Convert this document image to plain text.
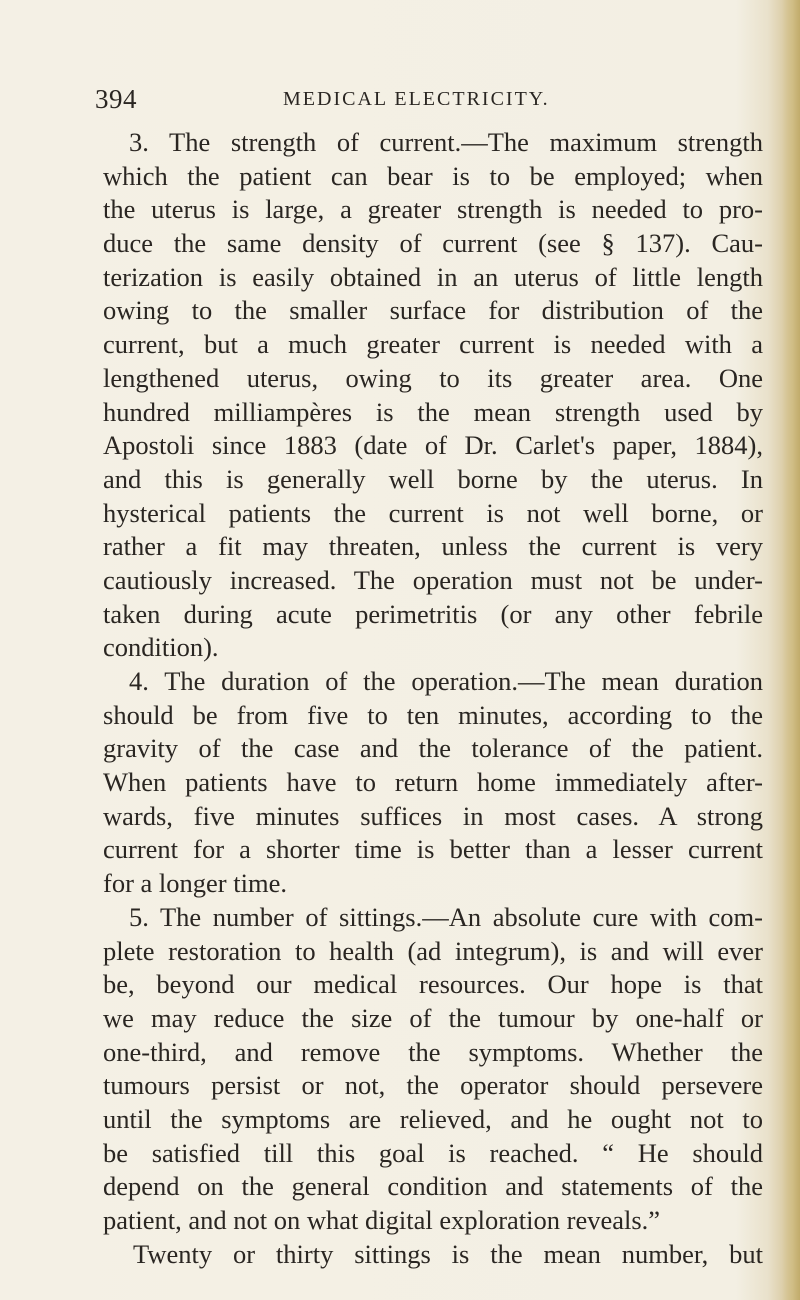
394	MEDICAL ELECTRICITY.
3. The strength of current.—The maximum strength
which the patient can bear is to be employed; when
the uterus is large, a greater strength is needed to pro-
duce the same density of current (see § 137). Cau-
terization is easily obtained in an uterus of little length
owing to the smaller surface for distribution of the
current, but a much greater current is needed with a
lengthened uterus, owing to its greater area. One
hundred milliampères is the mean strength used by
Apostoli since 1883 (date of Dr. Carlet's paper, 1884),
and this is generally well borne by the uterus. In
hysterical patients the current is not well borne, or
rather a fit may threaten, unless the current is very
cautiously increased. The operation must not be under-
taken during acute perimetritis (or any other febrile
condition).
4. The duration of the operation.—The mean duration
should be from five to ten minutes, according to the
gravity of the case and the tolerance of the patient.
When patients have to return home immediately after-
wards, five minutes suffices in most cases. A strong
current for a shorter time is better than a lesser current
for a longer time.
5. The number of sittings.—An absolute cure with com-
plete restoration to health (ad integrum), is and will ever
be, beyond our medical resources. Our hope is that
we may reduce the size of the tumour by one-half or
one-third, and remove the symptoms. Whether the
tumours persist or not, the operator should persevere
until the symptoms are relieved, and he ought not to
be satisfied till this goal is reached. “ He should
depend on the general condition and statements of the
patient, and not on what digital exploration reveals.”
Twenty or thirty sittings is the mean number, but
